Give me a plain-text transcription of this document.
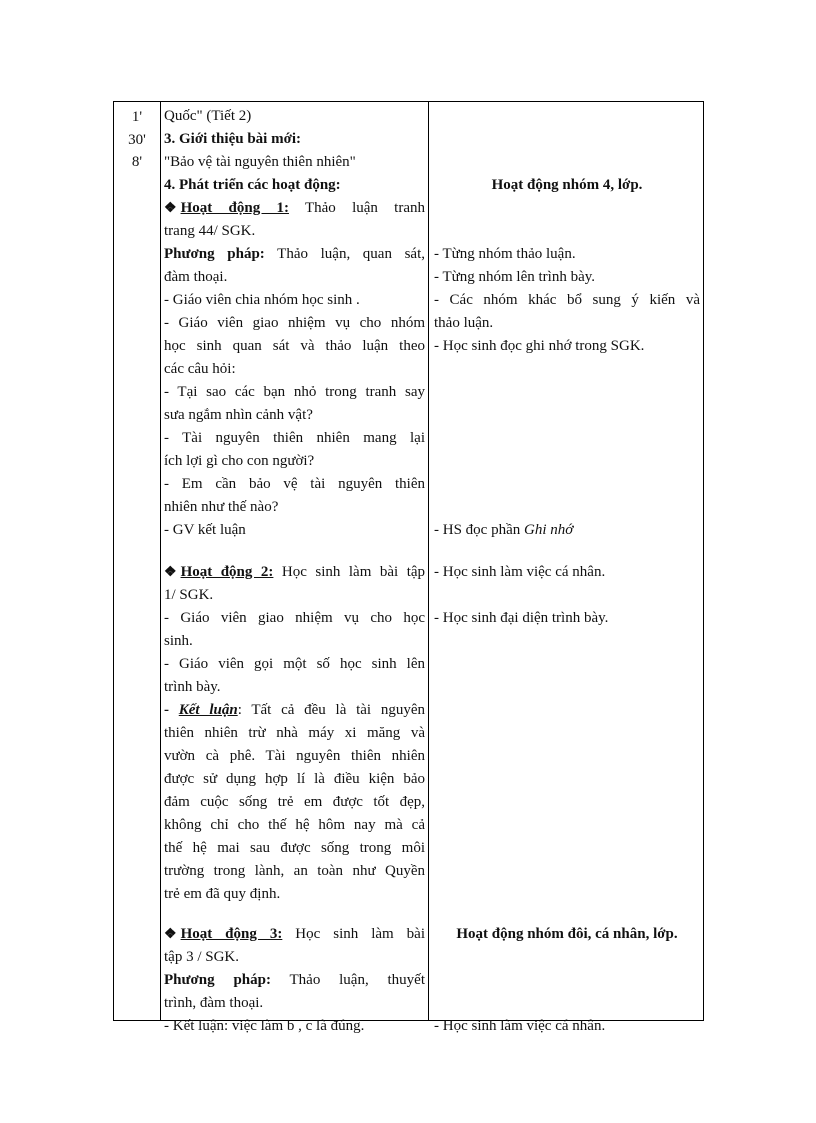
1'
30'
8'
Quốc" (Tiết 2)
3. Giới thiệu bài mới:
"Bảo vệ tài nguyên thiên nhiên"
4. Phát triển các hoạt động:
❖ Hoạt động 1: Thảo luận tranh
trang 44/ SGK.
Phương pháp: Thảo luận, quan sát,
đàm thoại.
- Giáo viên chia nhóm học sinh .
- Giáo viên giao nhiệm vụ cho nhóm
học sinh quan sát và thảo luận theo
các câu hỏi:
- Tại sao các bạn nhỏ trong tranh say
sưa ngắm nhìn cảnh vật?
- Tài nguyên thiên nhiên mang lại
ích lợi gì cho con người?
- Em cần bảo vệ tài nguyên thiên
nhiên như thế nào?
- GV kết luận
❖ Hoạt động 2: Học sinh làm bài tập
1/ SGK.
- Giáo viên giao nhiệm vụ cho học
sinh.
- Giáo viên gọi một số học sinh lên
trình bày.
- Kết luận: Tất cả đều là tài nguyên
thiên nhiên trừ nhà máy xi măng và
vườn cà phê. Tài nguyên thiên nhiên
được sử dụng hợp lí là điều kiện bảo
đảm cuộc sống trẻ em được tốt đẹp,
không chỉ cho thế hệ hôm nay mà cả
thế hệ mai sau được sống trong môi
trường trong lành, an toàn như Quyền
trẻ em đã quy định.
❖ Hoạt động 3: Học sinh làm bài
tập 3 / SGK.
Phương pháp: Thảo luận, thuyết
trình, đàm thoại.
- Kết luận: việc làm b , c là đúng.
Hoạt động nhóm 4, lớp.
- Từng nhóm thảo luận.
- Từng nhóm lên trình bày.
- Các nhóm khác bổ sung ý kiến và
thảo luận.
- Học sinh đọc ghi nhớ trong SGK.
- HS đọc phần Ghi nhớ
- Học sinh làm việc cá nhân.
- Học sinh đại diện trình bày.
Hoạt động nhóm đôi, cá nhân, lớp.
- Học sinh làm việc cá nhân.
